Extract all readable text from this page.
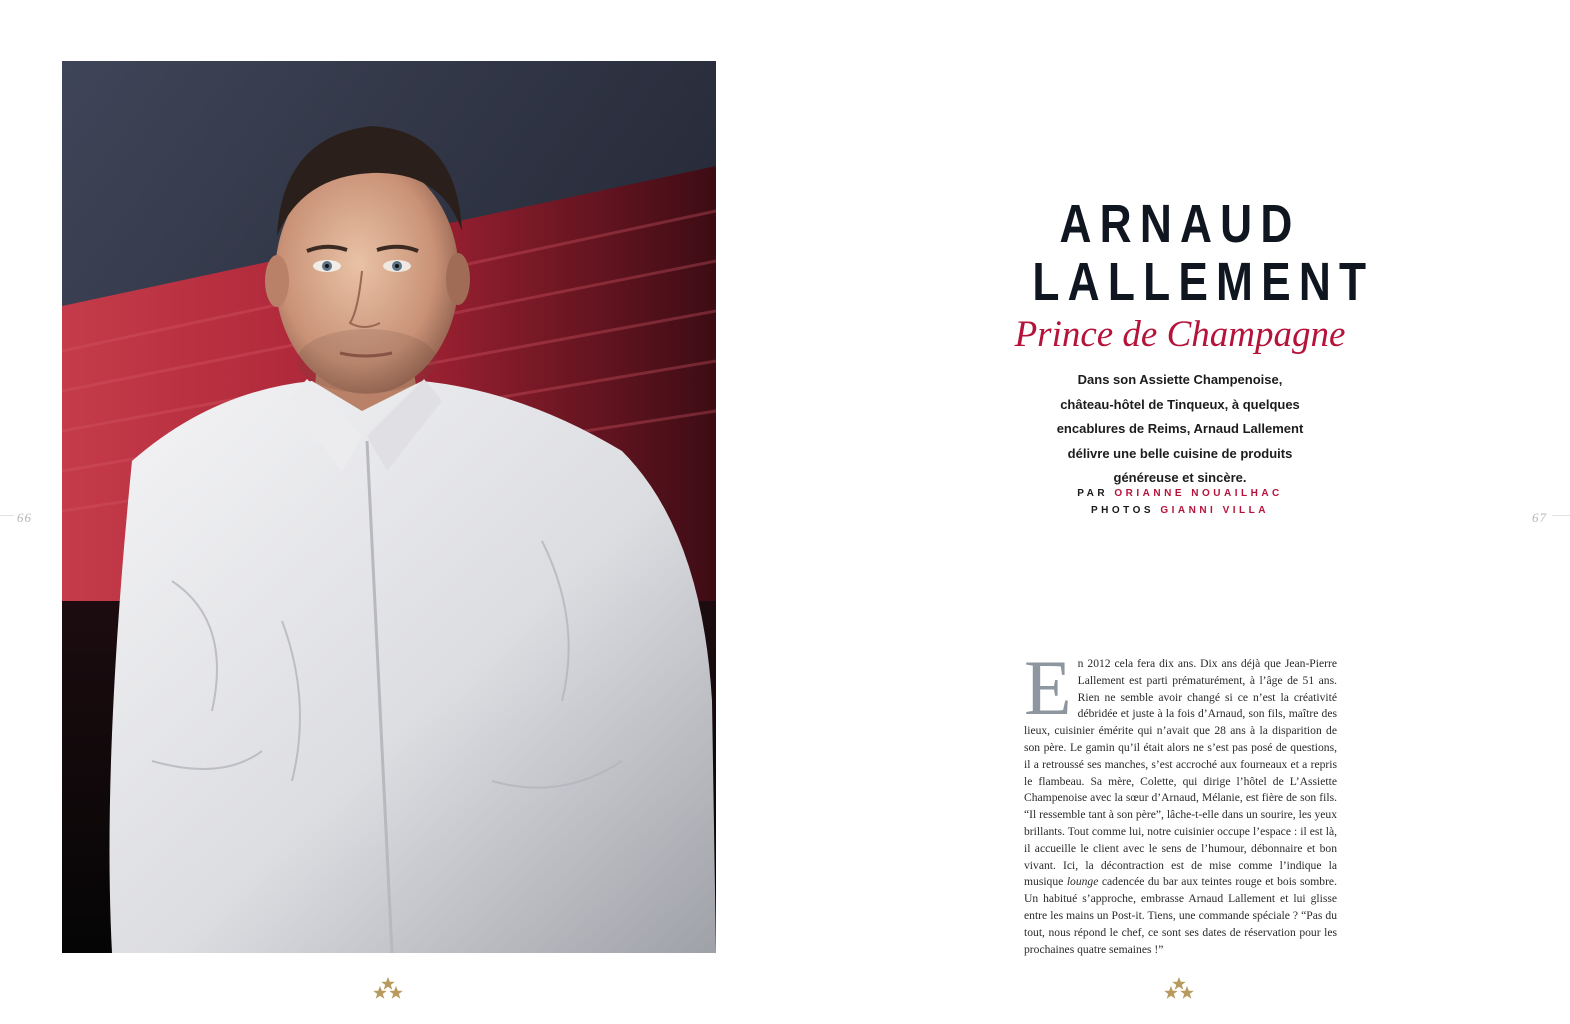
66	67
ARNAUD
LALLEMENT
Prince de Champagne
Dans son Assiette Champenoise, château-hôtel de Tinqueux, à quelques encablures de Reims, Arnaud Lallement délivre une belle cuisine de produits généreuse et sincère.
PAR ORIANNE NOUAILHAC
PHOTOS GIANNI VILLA
En 2012 cela fera dix ans. Dix ans déjà que Jean-Pierre Lallement est parti prématurément, à l’âge de 51 ans. Rien ne semble avoir changé si ce n’est la créativité débridée et juste à la fois d’Arnaud, son fils, maître des lieux, cuisinier émérite qui n’avait que 28 ans à la disparition de son père. Le gamin qu’il était alors ne s’est pas posé de questions, il a retroussé ses manches, s’est accroché aux fourneaux et a repris le flambeau. Sa mère, Colette, qui dirige l’hôtel de L’Assiette Champenoise avec la sœur d’Arnaud, Mélanie, est fière de son fils. “Il ressemble tant à son père”, lâche-t-elle dans un sourire, les yeux brillants. Tout comme lui, notre cuisinier occupe l’espace : il est là, il accueille le client avec le sens de l’humour, débonnaire et bon vivant. Ici, la décontraction est de mise comme l’indique la musique lounge cadencée du bar aux teintes rouge et bois sombre. Un habitué s’approche, embrasse Arnaud Lallement et lui glisse entre les mains un Post-it. Tiens, une commande spéciale ? “Pas du tout, nous répond le chef, ce sont ses dates de réservation pour les prochaines quatre semaines !”
